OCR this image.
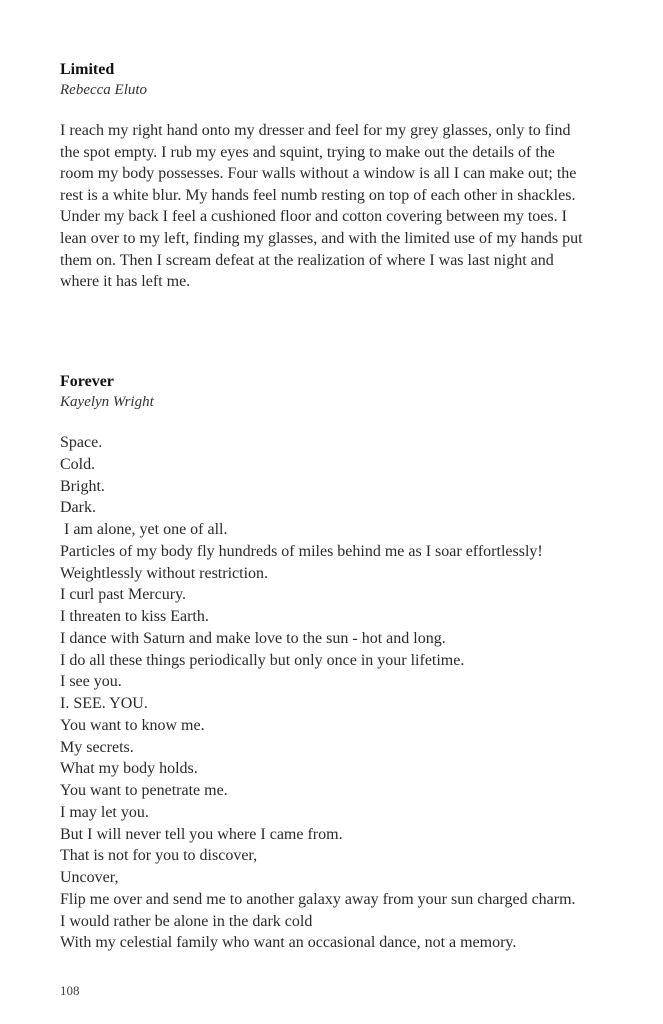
Limited
Rebecca Eluto
I reach my right hand onto my dresser and feel for my grey glasses, only to find
the spot empty. I rub my eyes and squint, trying to make out the details of the
room my body possesses. Four walls without a window is all I can make out; the
rest is a white blur. My hands feel numb resting on top of each other in shackles.
Under my back I feel a cushioned floor and cotton covering between my toes. I
lean over to my left, finding my glasses, and with the limited use of my hands put
them on. Then I scream defeat at the realization of where I was last night and
where it has left me.
Forever
Kayelyn Wright
Space.
Cold.
Bright.
Dark.
I am alone, yet one of all.
Particles of my body fly hundreds of miles behind me as I soar effortlessly!
Weightlessly without restriction.
I curl past Mercury.
I threaten to kiss Earth.
I dance with Saturn and make love to the sun - hot and long.
I do all these things periodically but only once in your lifetime.
I see you.
I. SEE. YOU.
You want to know me.
My secrets.
What my body holds.
You want to penetrate me.
I may let you.
But I will never tell you where I came from.
That is not for you to discover,
Uncover,
Flip me over and send me to another galaxy away from your sun charged charm.
I would rather be alone in the dark cold
With my celestial family who want an occasional dance, not a memory.
108
